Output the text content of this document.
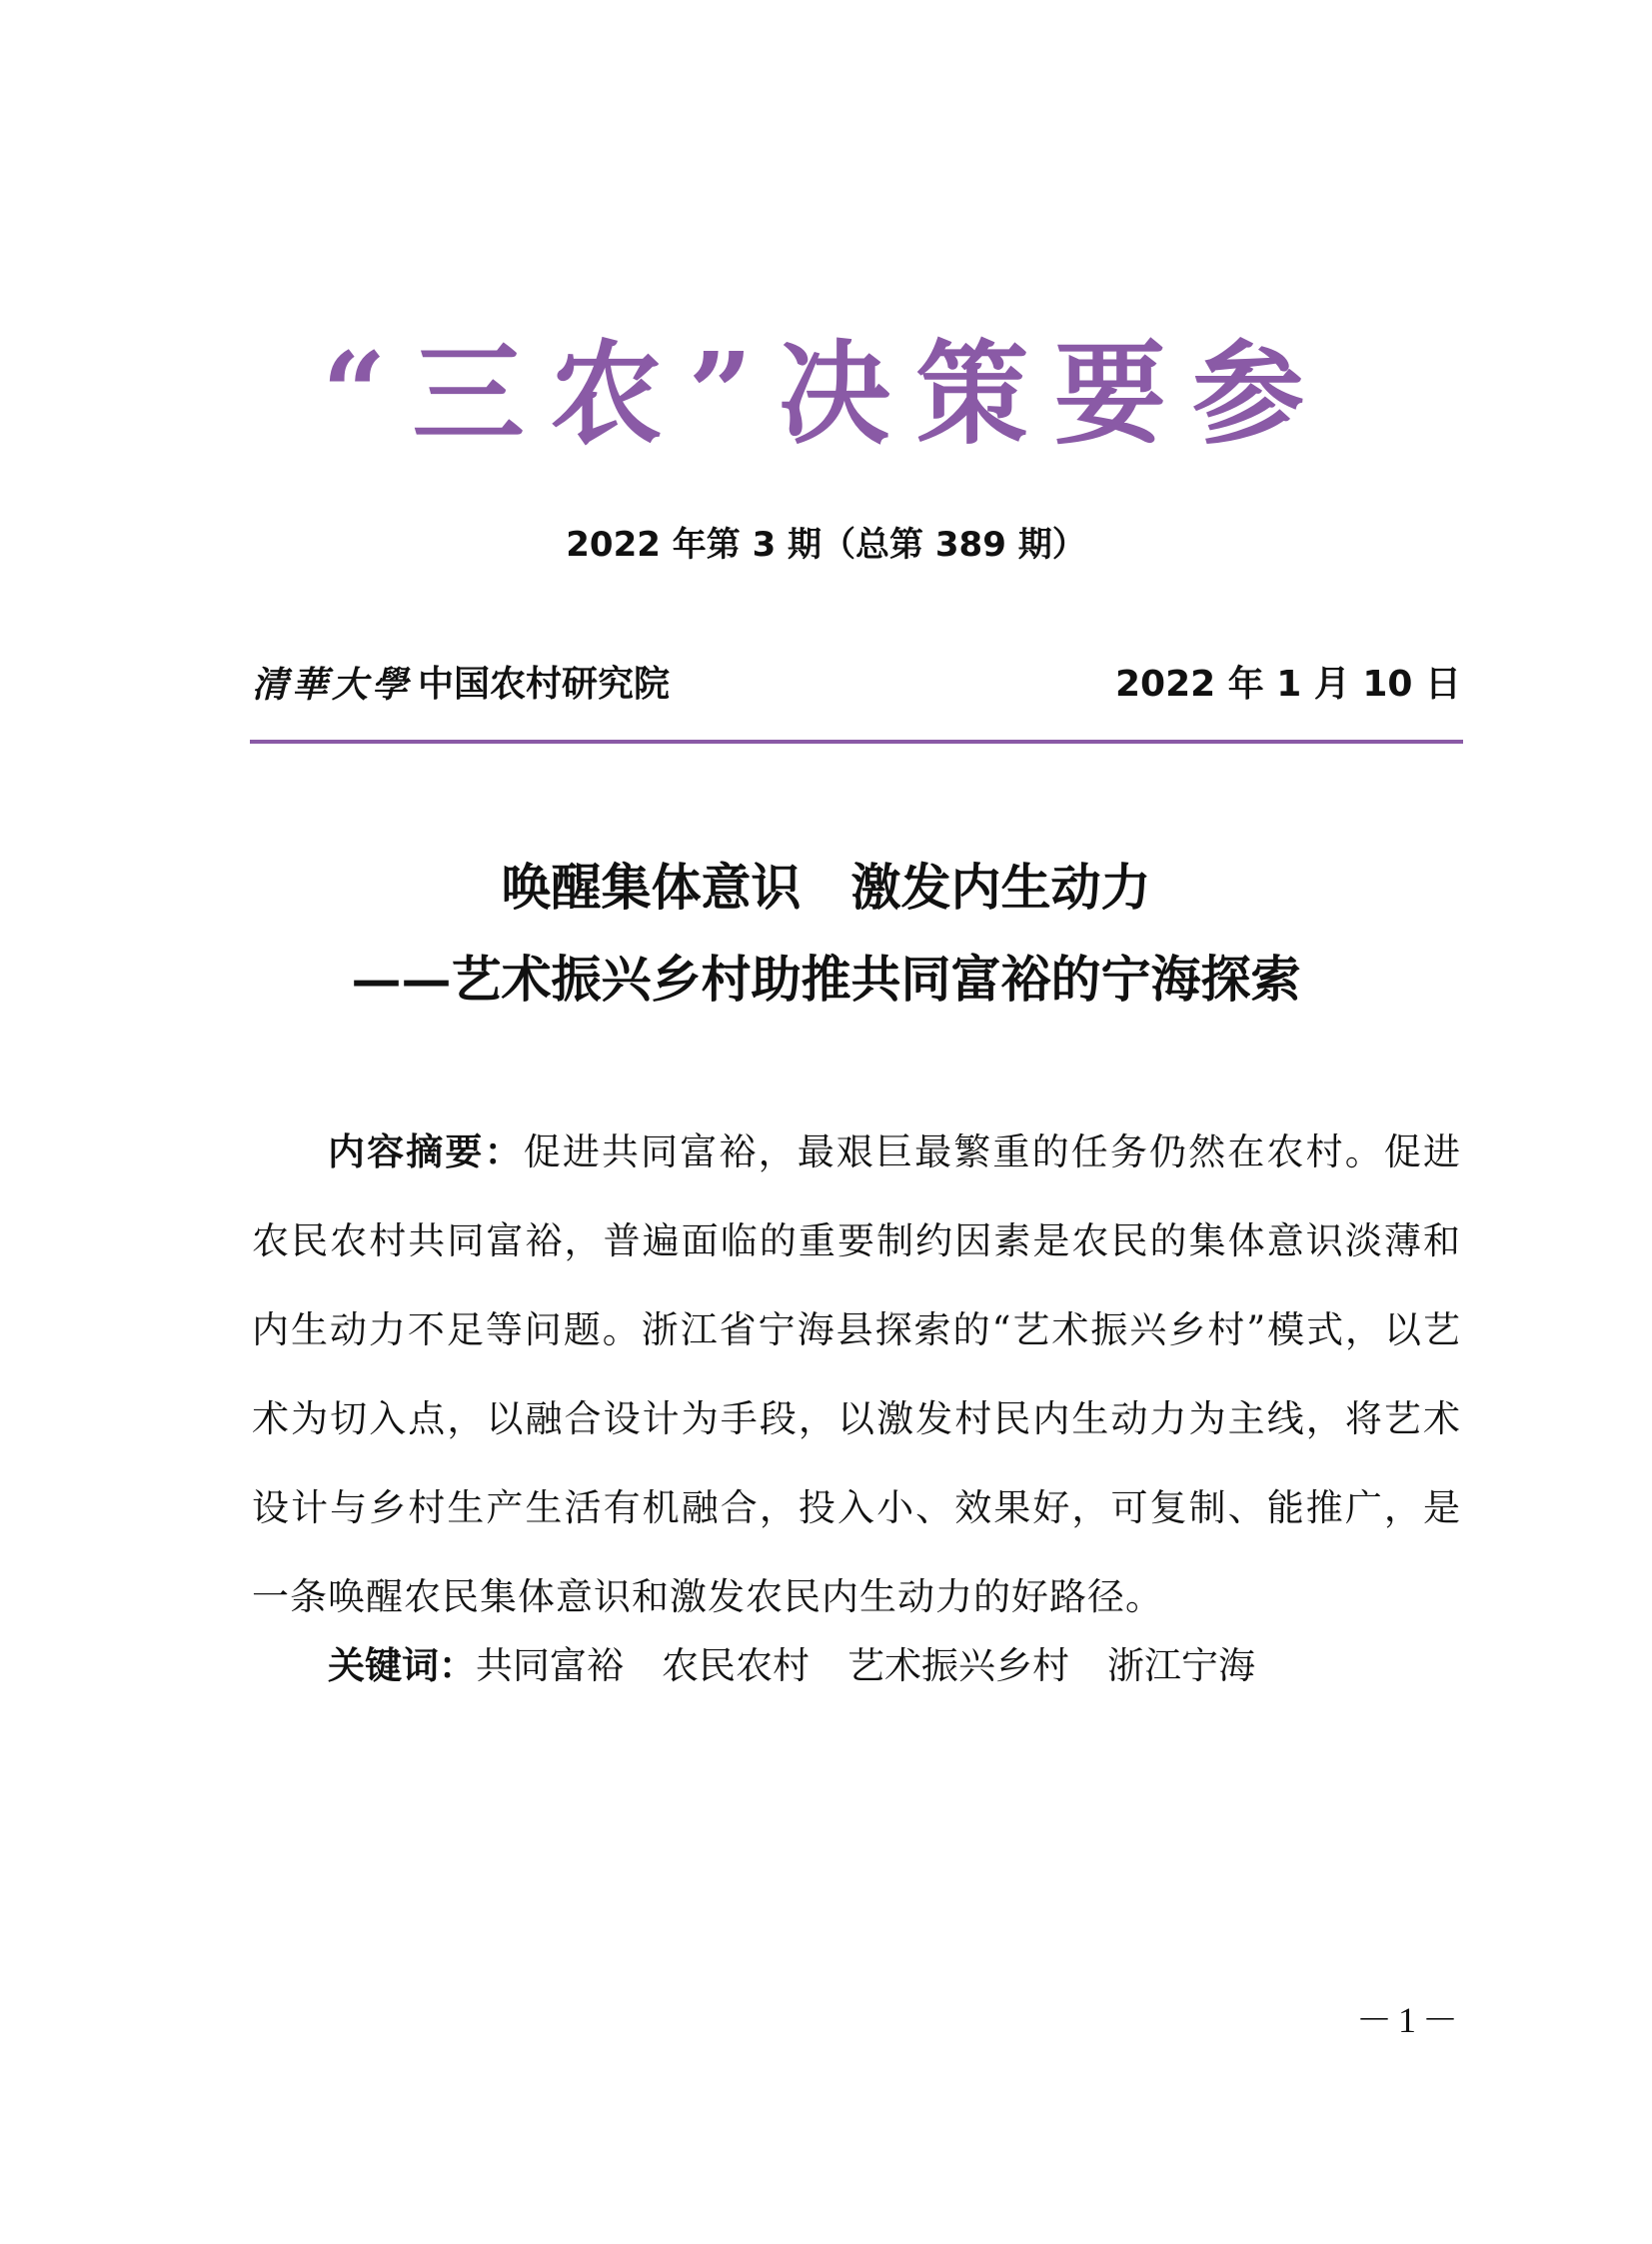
“三农”决策要参
2022 年第 3 期（总第 389 期）
清華大學 中国农村研究院	2022 年 1 月 10 日
唤醒集体意识　激发内生动力
——艺术振兴乡村助推共同富裕的宁海探索
内容摘要：促进共同富裕，最艰巨最繁重的任务仍然在农村。促进农民农村共同富裕，普遍面临的重要制约因素是农民的集体意识淡薄和内生动力不足等问题。浙江省宁海县探索的“艺术振兴乡村”模式，以艺术为切入点，以融合设计为手段，以激发村民内生动力为主线，将艺术设计与乡村生产生活有机融合，投入小、效果好，可复制、能推广，是一条唤醒农民集体意识和激发农民内生动力的好路径。
关键词：共同富裕 农民农村 艺术振兴乡村 浙江宁海
－1－
